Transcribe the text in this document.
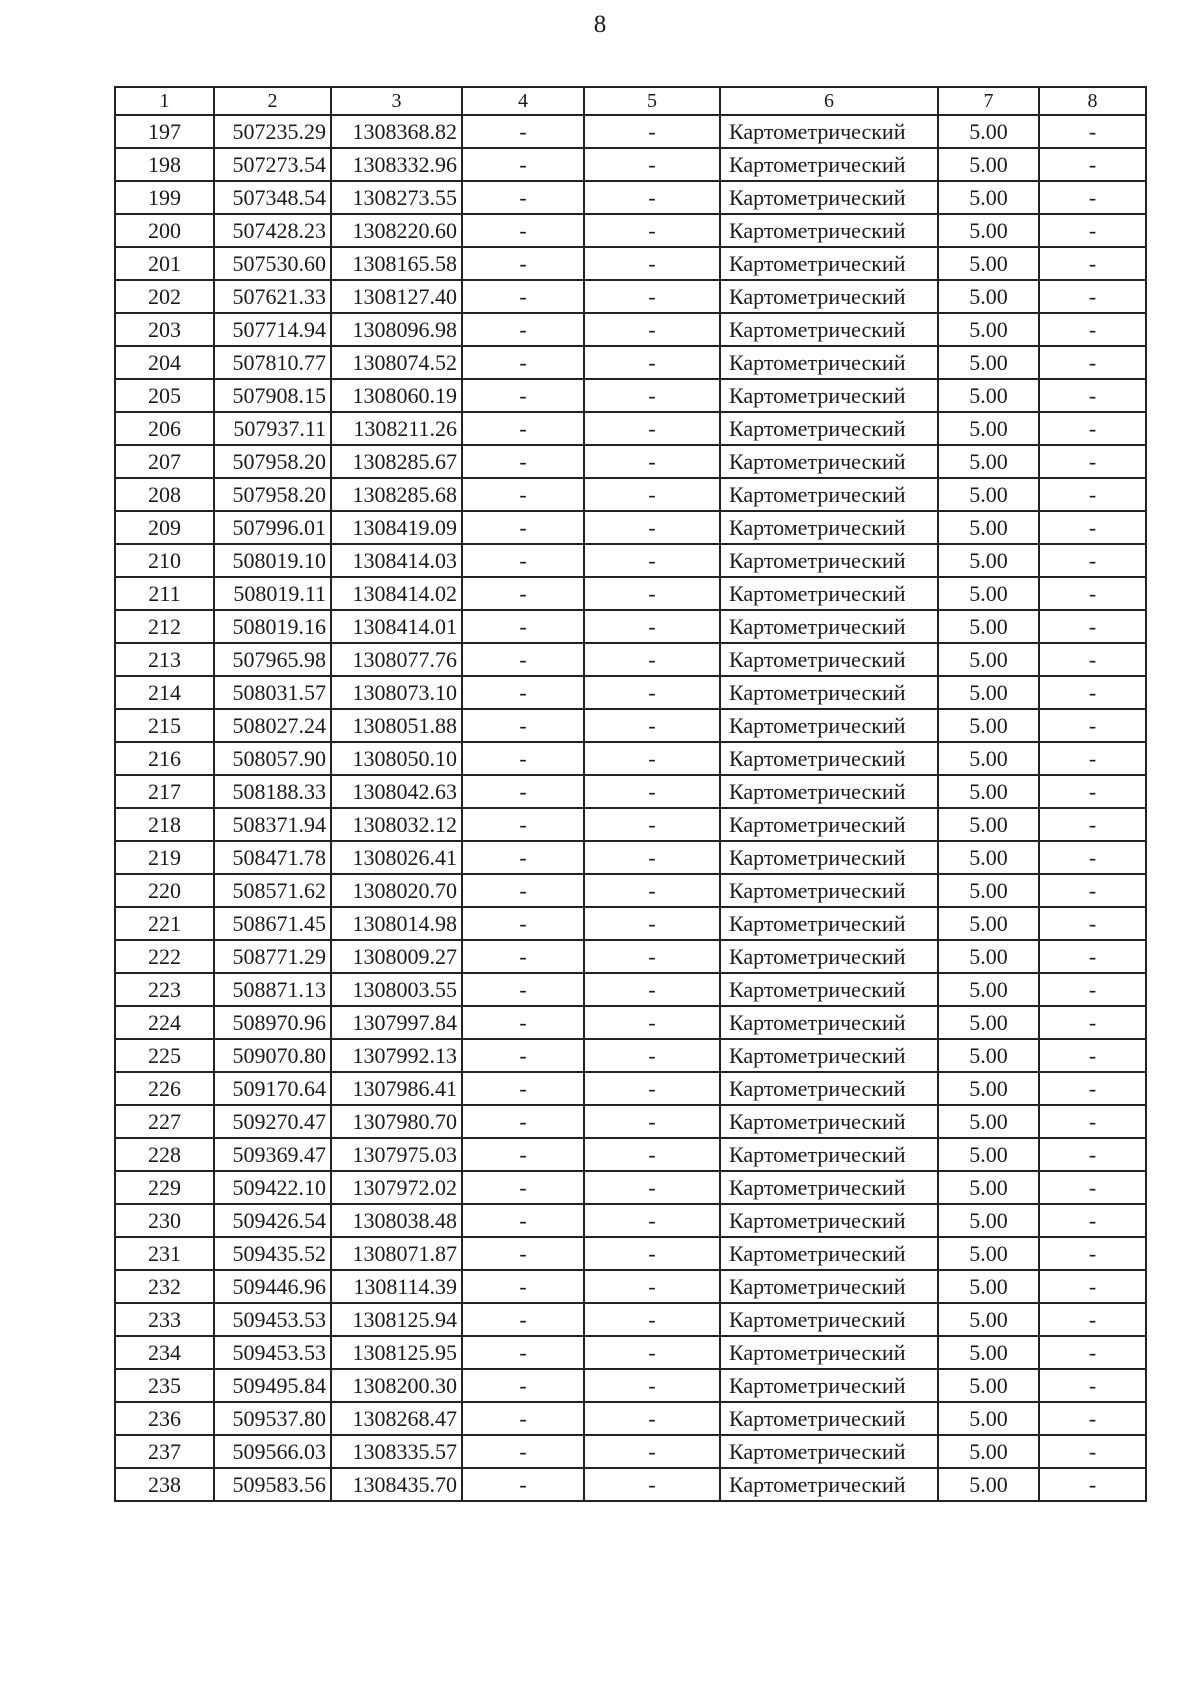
8
1	2	3	4	5	6	7	8
197	507235.29	1308368.82	-	-	Картометрический	5.00	-
198	507273.54	1308332.96	-	-	Картометрический	5.00	-
199	507348.54	1308273.55	-	-	Картометрический	5.00	-
200	507428.23	1308220.60	-	-	Картометрический	5.00	-
201	507530.60	1308165.58	-	-	Картометрический	5.00	-
202	507621.33	1308127.40	-	-	Картометрический	5.00	-
203	507714.94	1308096.98	-	-	Картометрический	5.00	-
204	507810.77	1308074.52	-	-	Картометрический	5.00	-
205	507908.15	1308060.19	-	-	Картометрический	5.00	-
206	507937.11	1308211.26	-	-	Картометрический	5.00	-
207	507958.20	1308285.67	-	-	Картометрический	5.00	-
208	507958.20	1308285.68	-	-	Картометрический	5.00	-
209	507996.01	1308419.09	-	-	Картометрический	5.00	-
210	508019.10	1308414.03	-	-	Картометрический	5.00	-
211	508019.11	1308414.02	-	-	Картометрический	5.00	-
212	508019.16	1308414.01	-	-	Картометрический	5.00	-
213	507965.98	1308077.76	-	-	Картометрический	5.00	-
214	508031.57	1308073.10	-	-	Картометрический	5.00	-
215	508027.24	1308051.88	-	-	Картометрический	5.00	-
216	508057.90	1308050.10	-	-	Картометрический	5.00	-
217	508188.33	1308042.63	-	-	Картометрический	5.00	-
218	508371.94	1308032.12	-	-	Картометрический	5.00	-
219	508471.78	1308026.41	-	-	Картометрический	5.00	-
220	508571.62	1308020.70	-	-	Картометрический	5.00	-
221	508671.45	1308014.98	-	-	Картометрический	5.00	-
222	508771.29	1308009.27	-	-	Картометрический	5.00	-
223	508871.13	1308003.55	-	-	Картометрический	5.00	-
224	508970.96	1307997.84	-	-	Картометрический	5.00	-
225	509070.80	1307992.13	-	-	Картометрический	5.00	-
226	509170.64	1307986.41	-	-	Картометрический	5.00	-
227	509270.47	1307980.70	-	-	Картометрический	5.00	-
228	509369.47	1307975.03	-	-	Картометрический	5.00	-
229	509422.10	1307972.02	-	-	Картометрический	5.00	-
230	509426.54	1308038.48	-	-	Картометрический	5.00	-
231	509435.52	1308071.87	-	-	Картометрический	5.00	-
232	509446.96	1308114.39	-	-	Картометрический	5.00	-
233	509453.53	1308125.94	-	-	Картометрический	5.00	-
234	509453.53	1308125.95	-	-	Картометрический	5.00	-
235	509495.84	1308200.30	-	-	Картометрический	5.00	-
236	509537.80	1308268.47	-	-	Картометрический	5.00	-
237	509566.03	1308335.57	-	-	Картометрический	5.00	-
238	509583.56	1308435.70	-	-	Картометрический	5.00	-
